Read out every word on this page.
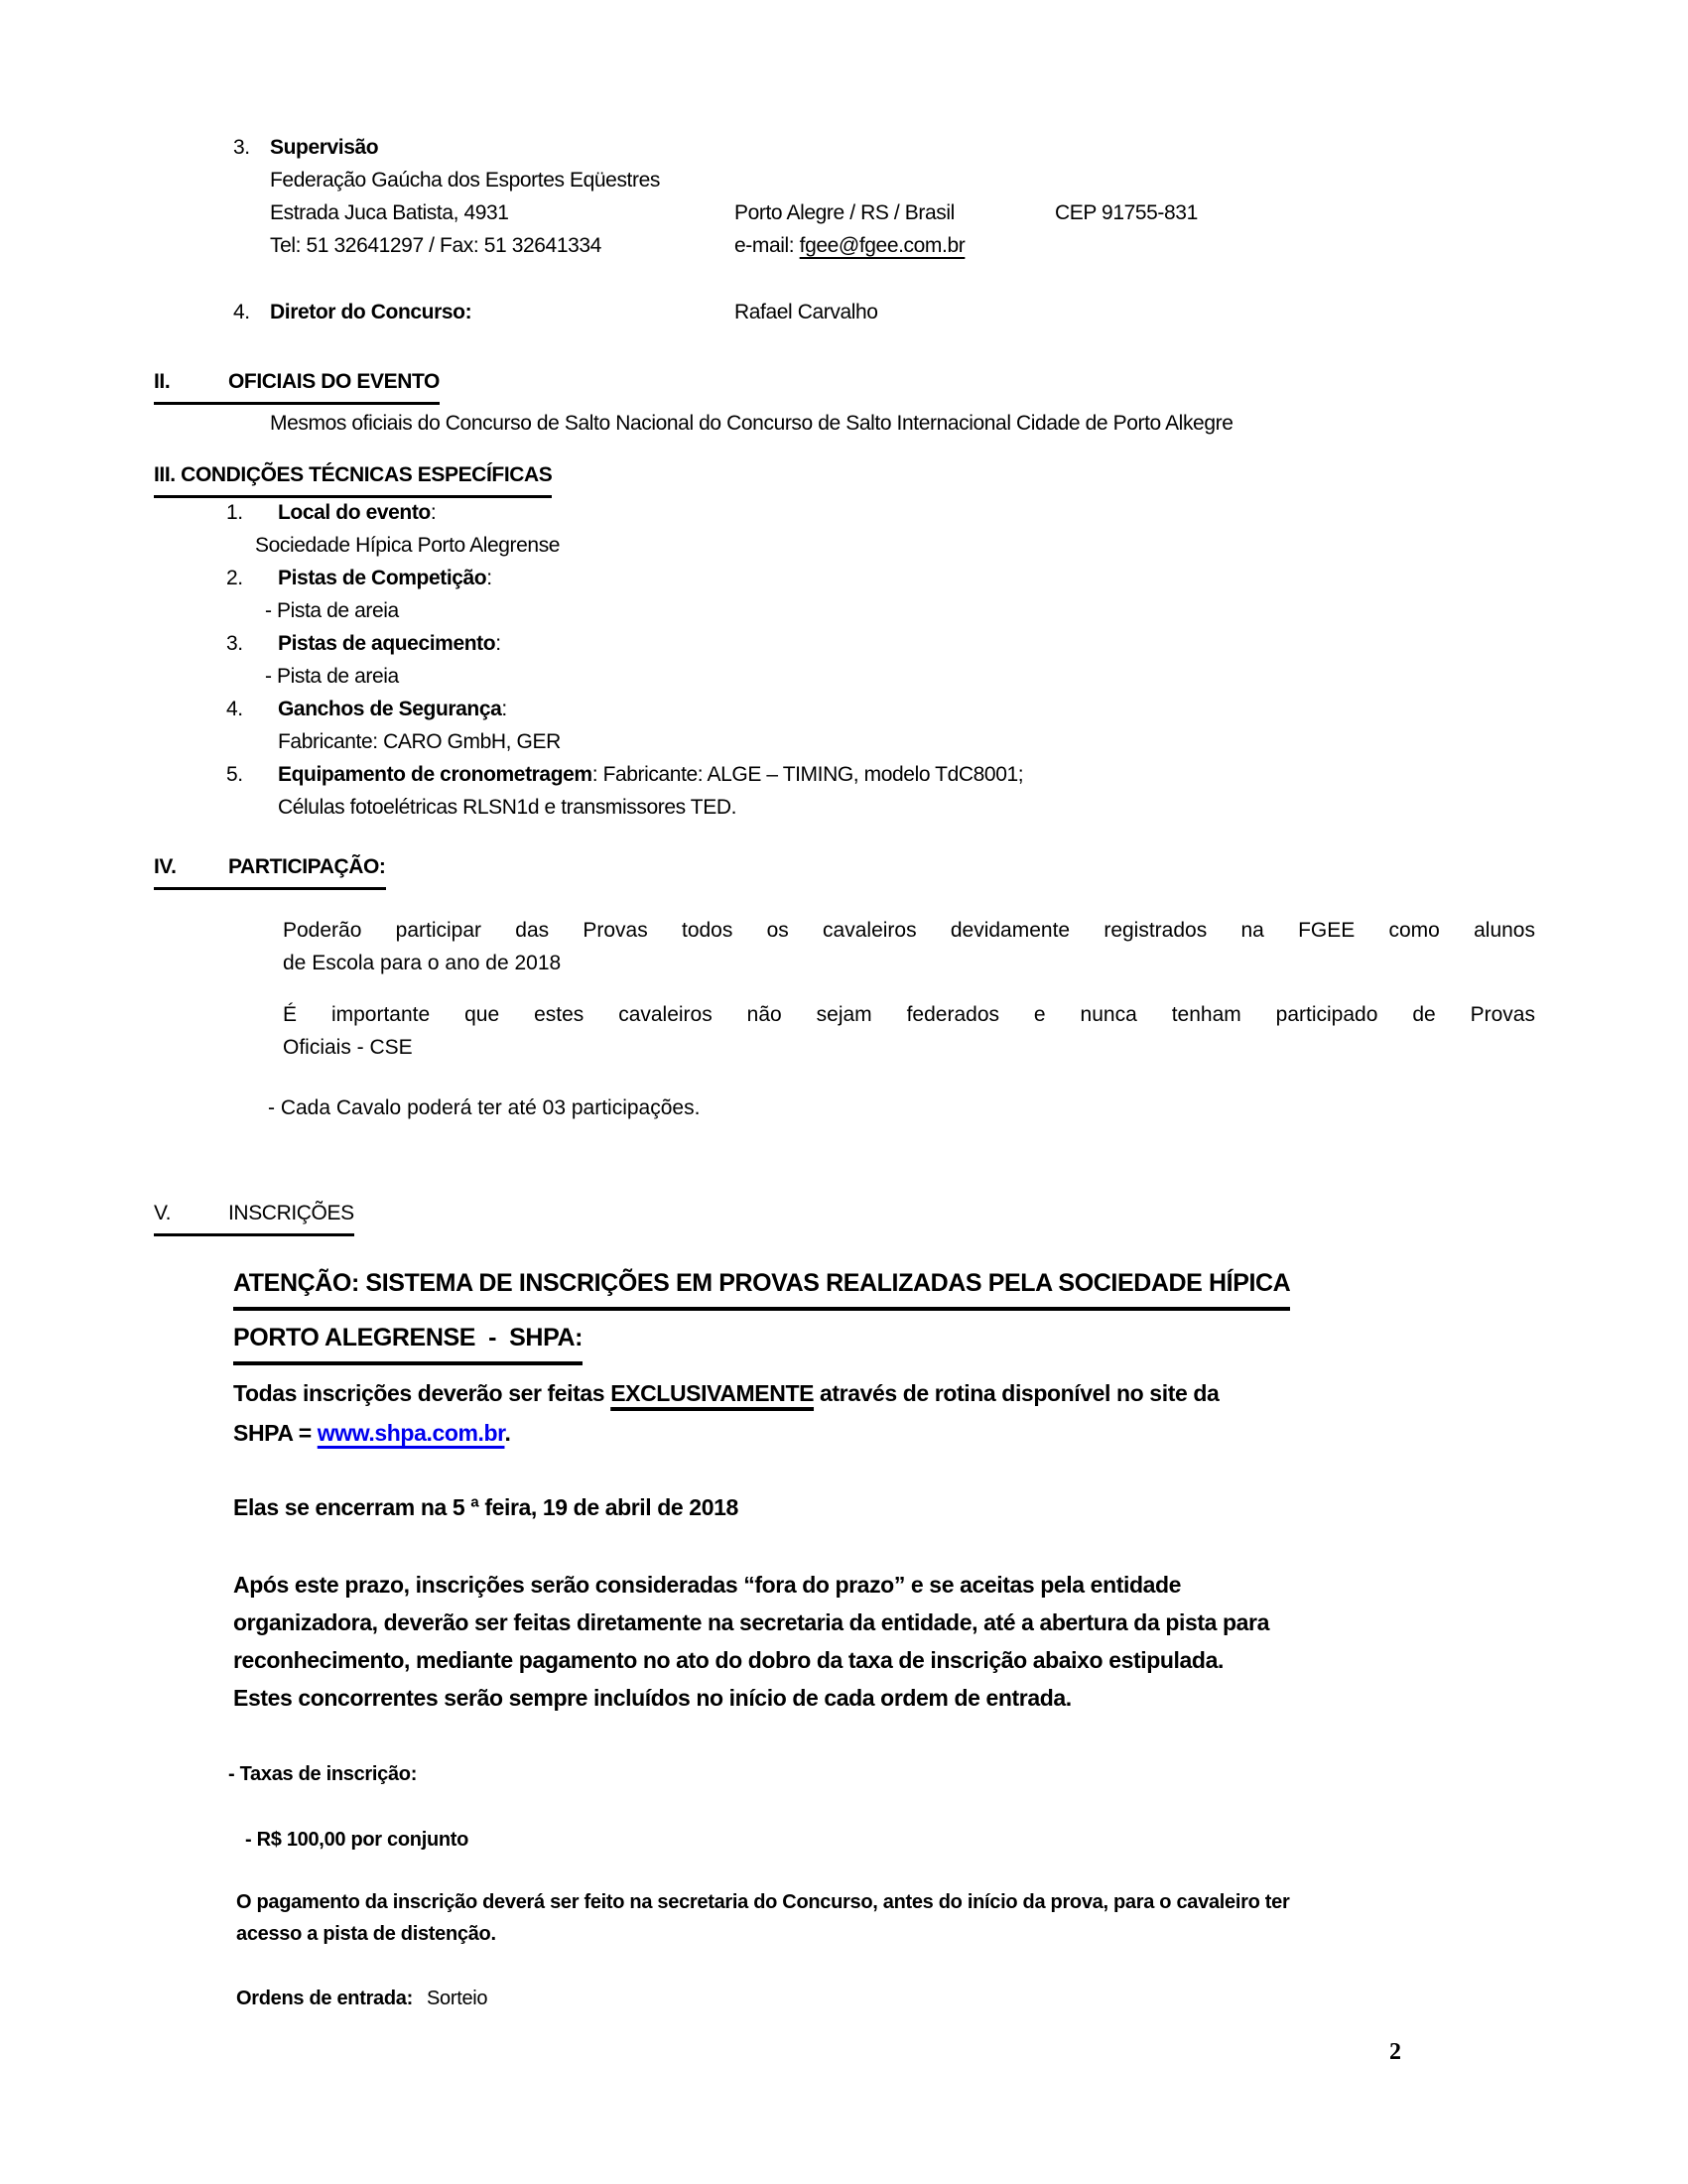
3. Supervisão
Federação Gaúcha dos Esportes Eqüestres
Estrada Juca Batista, 4931	Porto Alegre / RS / Brasil	CEP 91755-831
Tel: 51 32641297 / Fax: 51 32641334	e-mail: fgee@fgee.com.br
4. Diretor do Concurso:	Rafael Carvalho
II.	OFICIAIS DO EVENTO
Mesmos oficiais do Concurso de Salto Nacional do Concurso de Salto Internacional Cidade de Porto Alkegre
III. CONDIÇÕES TÉCNICAS ESPECÍFICAS
1.	Local do evento:
Sociedade Hípica Porto Alegrense
2.	Pistas de Competição:
- Pista de areia
3.	Pistas de aquecimento:
- Pista de areia
4.	Ganchos de Segurança:
Fabricante: CARO GmbH, GER
5.	Equipamento de cronometragem: Fabricante: ALGE – TIMING, modelo TdC8001;
Células fotoelétricas RLSN1d e transmissores TED.
IV.	PARTICIPAÇÃO:
Poderão participar das Provas todos os cavaleiros devidamente registrados na FGEE como alunos
de Escola para o ano de 2018
É importante que estes cavaleiros não sejam federados e nunca tenham participado de Provas
Oficiais - CSE
- Cada Cavalo poderá ter até 03 participações.
V.	INSCRIÇÕES
ATENÇÃO: SISTEMA DE INSCRIÇÕES EM PROVAS REALIZADAS PELA SOCIEDADE HÍPICA
PORTO ALEGRENSE  -  SHPA:
Todas inscrições deverão ser feitas EXCLUSIVAMENTE através de rotina disponível no site da
SHPA = www.shpa.com.br.
Elas se encerram na 5 ª feira, 19 de abril de 2018
Após este prazo, inscrições serão consideradas “fora do prazo” e se aceitas pela entidade
organizadora, deverão ser feitas diretamente na secretaria da entidade, até a abertura da pista para
reconhecimento, mediante pagamento no ato do dobro da taxa de inscrição abaixo estipulada.
Estes concorrentes serão sempre incluídos no início de cada ordem de entrada.
- Taxas de inscrição:
- R$ 100,00 por conjunto
O pagamento da inscrição deverá ser feito na secretaria do Concurso, antes do início da prova, para o cavaleiro ter
acesso a pista de distenção.
Ordens de entrada: Sorteio
2
